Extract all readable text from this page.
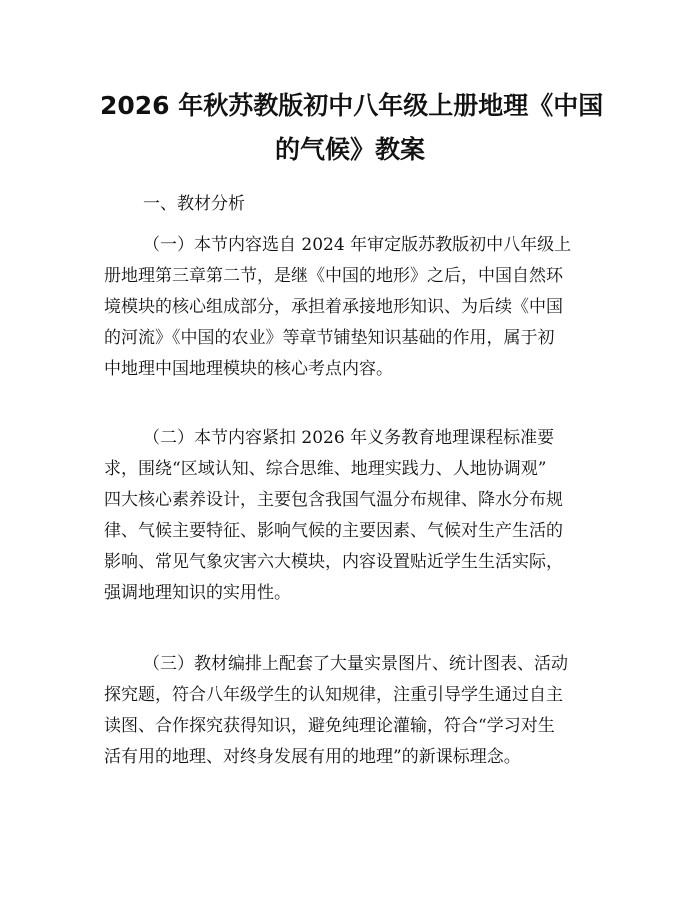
2026 年秋苏教版初中八年级上册地理《中国
的气候》教案
一、教材分析
（一）本节内容选自 2024 年审定版苏教版初中八年级上
册地理第三章第二节，是继《中国的地形》之后，中国自然环
境模块的核心组成部分，承担着承接地形知识、为后续《中国
的河流》《中国的农业》等章节铺垫知识基础的作用，属于初
中地理中国地理模块的核心考点内容。
（二）本节内容紧扣 2026 年义务教育地理课程标准要
求，围绕“区域认知、综合思维、地理实践力、人地协调观”
四大核心素养设计，主要包含我国气温分布规律、降水分布规
律、气候主要特征、影响气候的主要因素、气候对生产生活的
影响、常见气象灾害六大模块，内容设置贴近学生生活实际，
强调地理知识的实用性。
（三）教材编排上配套了大量实景图片、统计图表、活动
探究题，符合八年级学生的认知规律，注重引导学生通过自主
读图、合作探究获得知识，避免纯理论灌输，符合“学习对生
活有用的地理、对终身发展有用的地理”的新课标理念。
